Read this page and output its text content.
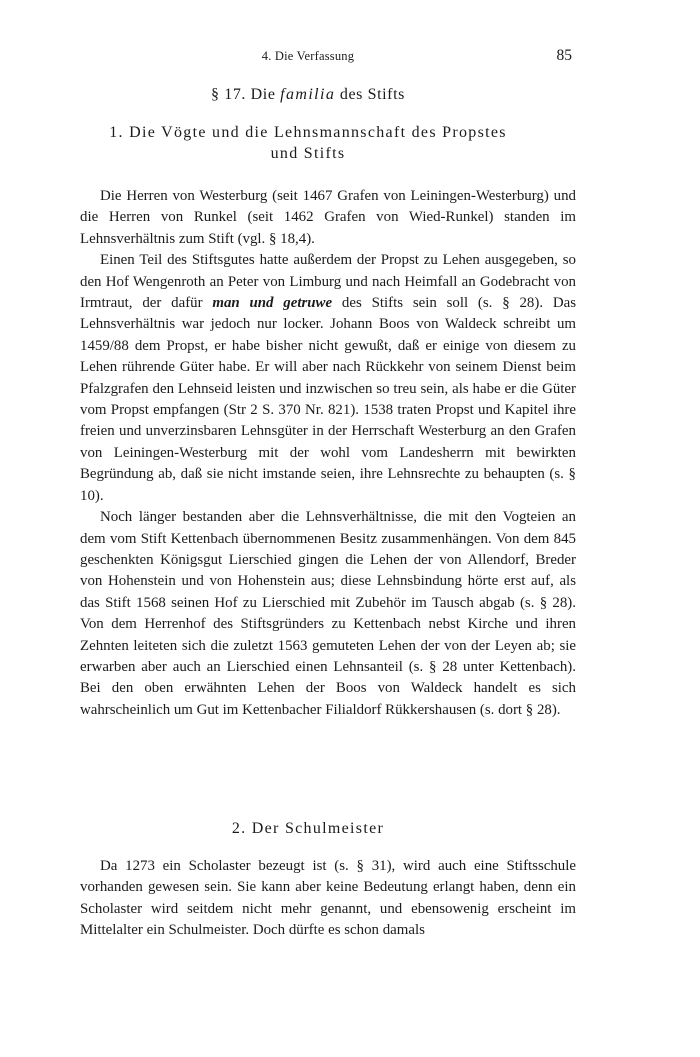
4. Die Verfassung	85
§ 17. Die familia des Stifts
1. Die Vögte und die Lehnsmannschaft des Propstes
und Stifts

Die Herren von Westerburg (seit 1467 Grafen von Leiningen-Westerburg) und die Herren von Runkel (seit 1462 Grafen von Wied-Runkel) standen im Lehnsverhältnis zum Stift (vgl. § 18,4).

Einen Teil des Stiftsgutes hatte außerdem der Propst zu Lehen ausgegeben, so den Hof Wengenroth an Peter von Limburg und nach Heimfall an Godebracht von Irmtraut, der dafür man und getruwe des Stifts sein soll (s. § 28). Das Lehnsverhältnis war jedoch nur locker. Johann Boos von Waldeck schreibt um 1459/88 dem Propst, er habe bisher nicht gewußt, daß er einige von diesem zu Lehen rührende Güter habe. Er will aber nach Rückkehr von seinem Dienst beim Pfalzgrafen den Lehnseid leisten und inzwischen so treu sein, als habe er die Güter vom Propst empfangen (Str 2 S. 370 Nr. 821). 1538 traten Propst und Kapitel ihre freien und unverzinsbaren Lehnsgüter in der Herrschaft Westerburg an den Grafen von Leiningen-Westerburg mit der wohl vom Landesherrn mit bewirkten Begründung ab, daß sie nicht imstande seien, ihre Lehnsrechte zu behaupten (s. § 10).

Noch länger bestanden aber die Lehnsverhältnisse, die mit den Vogteien an dem vom Stift Kettenbach übernommenen Besitz zusammenhängen. Von dem 845 geschenkten Königsgut Lierschied gingen die Lehen der von Allendorf, Breder von Hohenstein und von Hohenstein aus; diese Lehnsbindung hörte erst auf, als das Stift 1568 seinen Hof zu Lierschied mit Zubehör im Tausch abgab (s. § 28). Von dem Herrenhof des Stiftsgründers zu Kettenbach nebst Kirche und ihren Zehnten leiteten sich die zuletzt 1563 gemuteten Lehen der von der Leyen ab; sie erwarben aber auch an Lierschied einen Lehnsanteil (s. § 28 unter Kettenbach). Bei den oben erwähnten Lehen der Boos von Waldeck handelt es sich wahrscheinlich um Gut im Kettenbacher Filialdorf Rükkershausen (s. dort § 28).

2. Der Schulmeister

Da 1273 ein Scholaster bezeugt ist (s. § 31), wird auch eine Stiftsschule vorhanden gewesen sein. Sie kann aber keine Bedeutung erlangt haben, denn ein Scholaster wird seitdem nicht mehr genannt, und ebensowenig erscheint im Mittelalter ein Schulmeister. Doch dürfte es schon damals
